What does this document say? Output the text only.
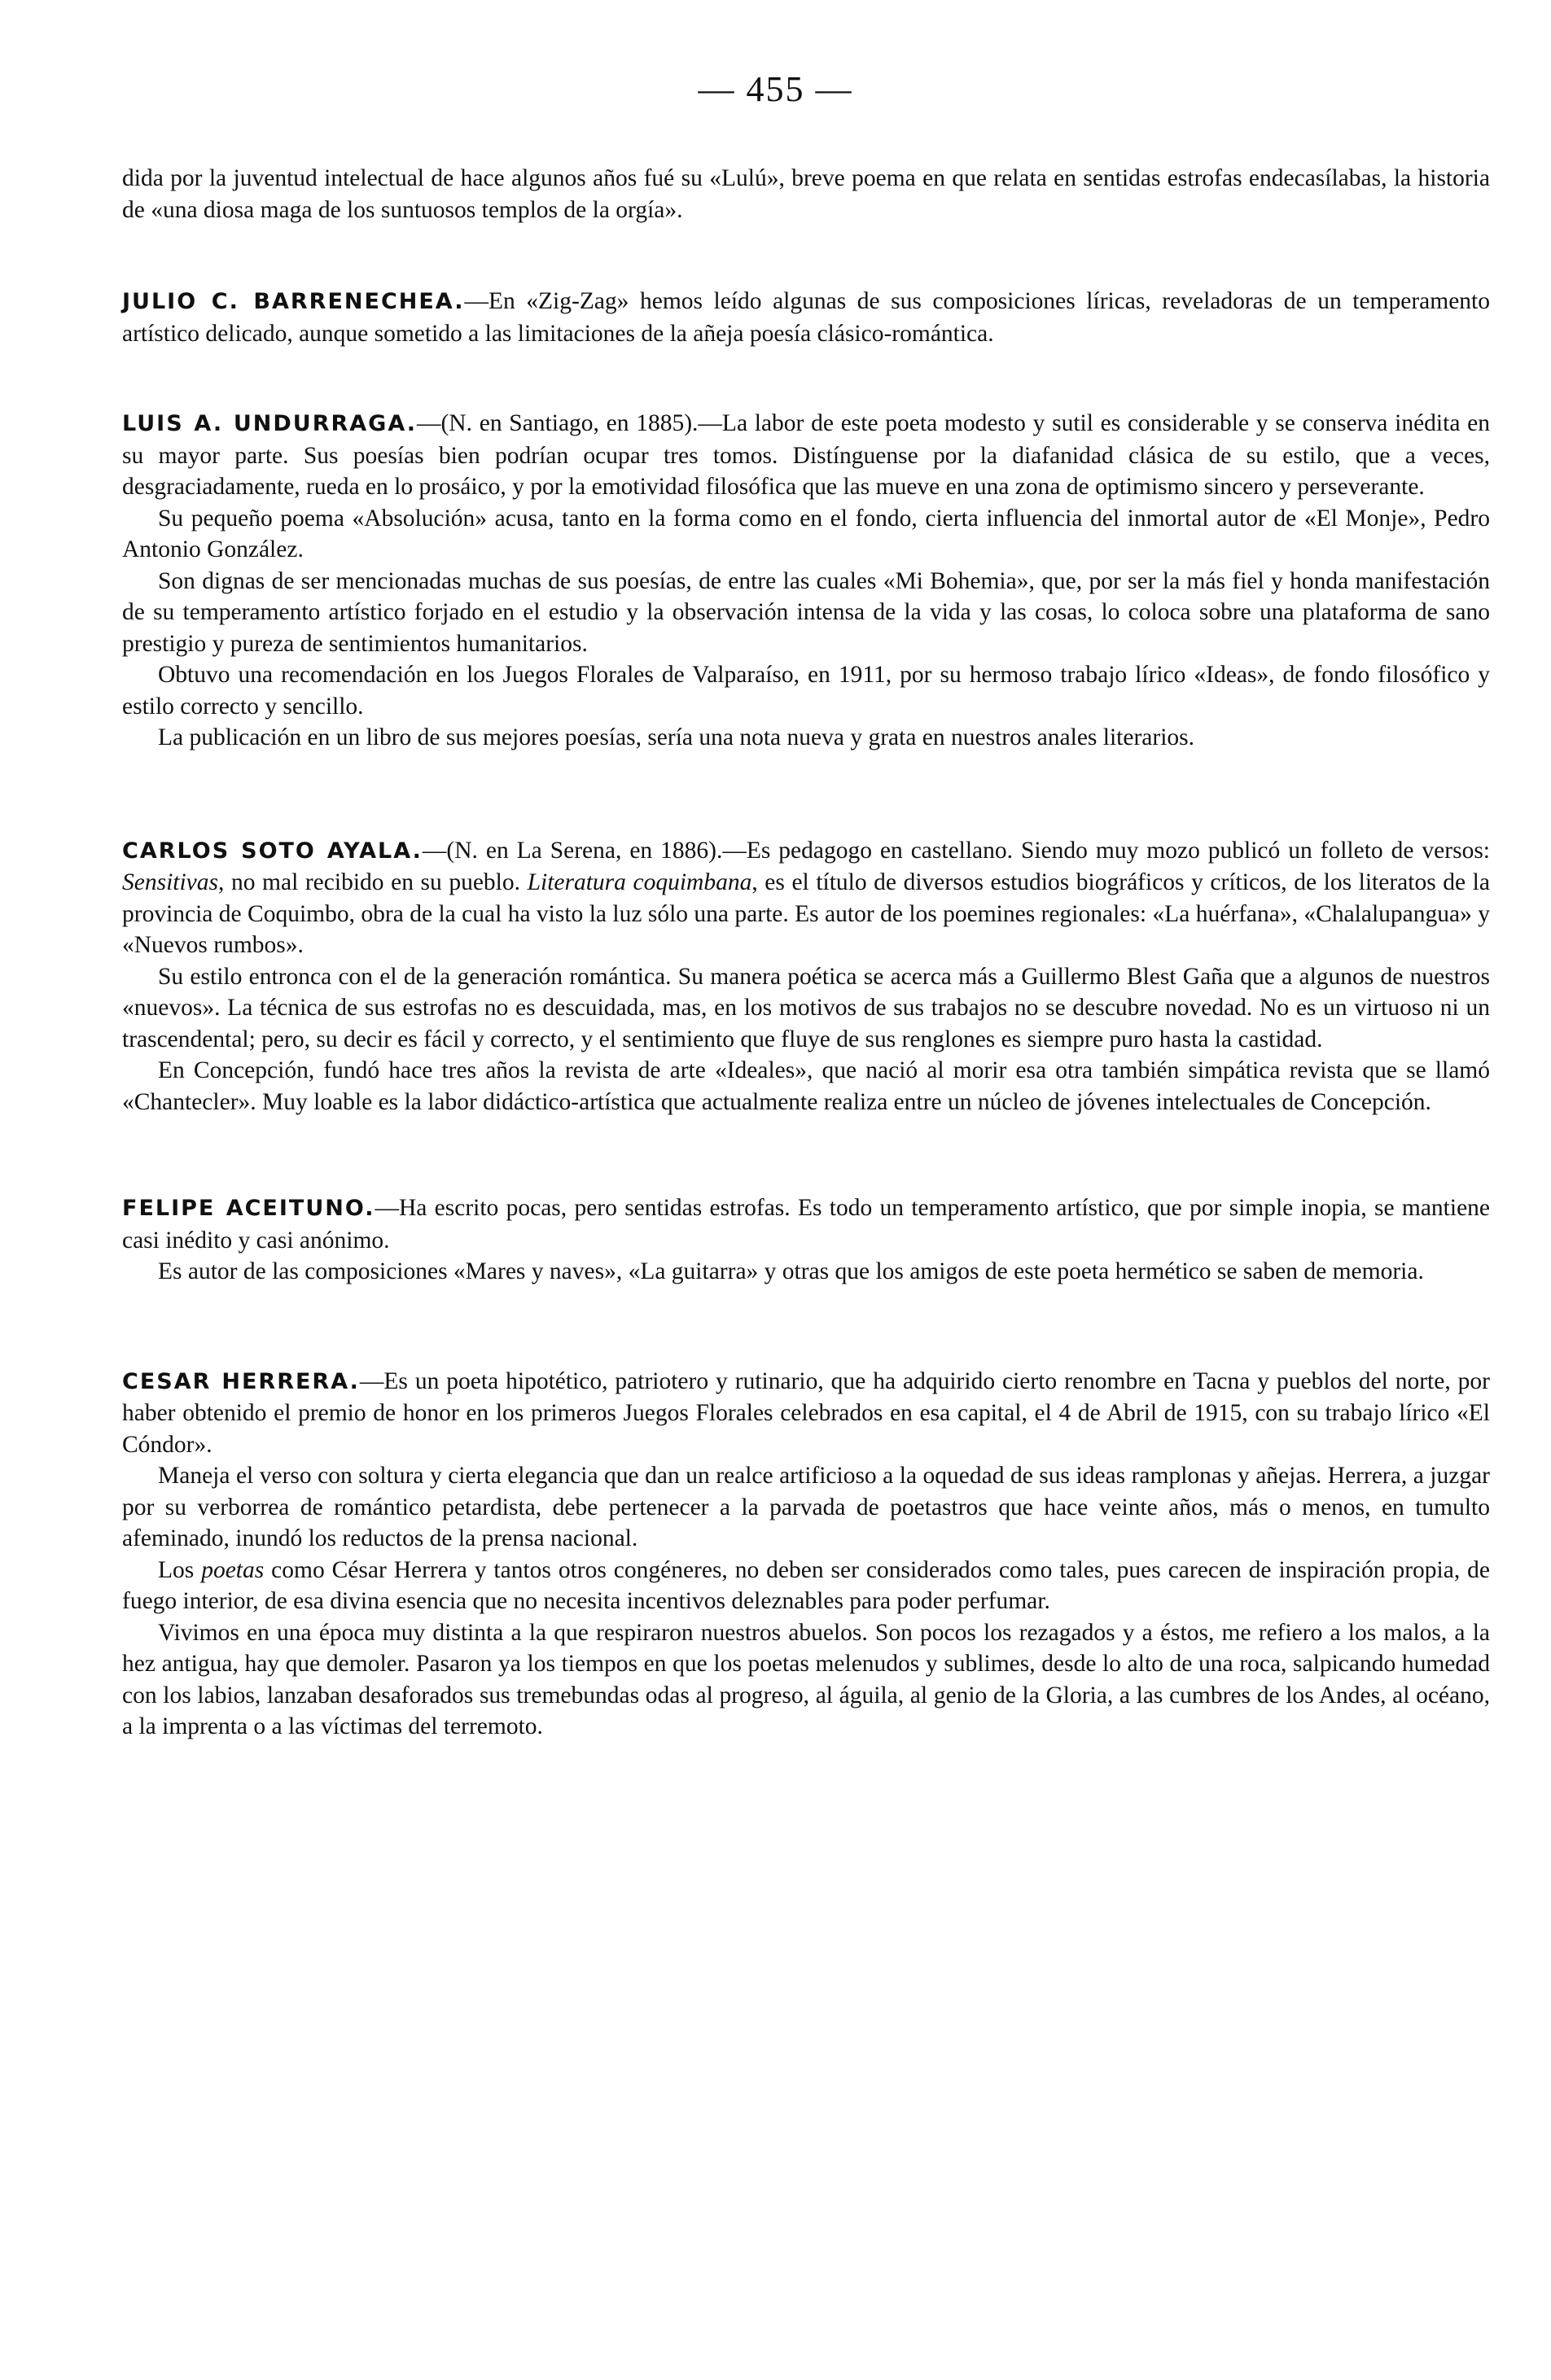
— 455 —

dida por la juventud intelectual de hace algunos años fué su «Lulú», breve poema en que relata en sentidas estrofas endecasílabas, la historia de «una diosa maga de los suntuosos templos de la orgía».

JULIO C. BARRENECHEA.—En «Zig-Zag» hemos leído algunas de sus composiciones líricas, reveladoras de un temperamento artístico delicado, aunque sometido a las limitaciones de la añeja poesía clásico-romántica.

LUIS A. UNDURRAGA.—(N. en Santiago, en 1885).—La labor de este poeta modesto y sutil es considerable y se conserva inédita en su mayor parte. Sus poesías bien podrían ocupar tres tomos. Distínguense por la diafanidad clásica de su estilo, que a veces, desgraciadamente, rueda en lo prosáico, y por la emotividad filosófica que las mueve en una zona de optimismo sincero y perseverante.

Su pequeño poema «Absolución» acusa, tanto en la forma como en el fondo, cierta influencia del inmortal autor de «El Monje», Pedro Antonio González.

Son dignas de ser mencionadas muchas de sus poesías, de entre las cuales «Mi Bohemia», que, por ser la más fiel y honda manifestación de su temperamento artístico forjado en el estudio y la observación intensa de la vida y las cosas, lo coloca sobre una plataforma de sano prestigio y pureza de sentimientos humanitarios.

Obtuvo una recomendación en los Juegos Florales de Valparaíso, en 1911, por su hermoso trabajo lírico «Ideas», de fondo filosófico y estilo correcto y sencillo.

La publicación en un libro de sus mejores poesías, sería una nota nueva y grata en nuestros anales literarios.

CARLOS SOTO AYALA.—(N. en La Serena, en 1886).—Es pedagogo en castellano. Siendo muy mozo publicó un folleto de versos: Sensitivas, no mal recibido en su pueblo. Literatura coquimbana, es el título de diversos estudios biográficos y críticos, de los literatos de la provincia de Coquimbo, obra de la cual ha visto la luz sólo una parte. Es autor de los poemines regionales: «La huérfana», «Chalalupangua» y «Nuevos rumbos».

Su estilo entronca con el de la generación romántica. Su manera poética se acerca más a Guillermo Blest Gaña que a algunos de nuestros «nuevos». La técnica de sus estrofas no es descuidada, mas, en los motivos de sus trabajos no se descubre novedad. No es un virtuoso ni un trascendental; pero, su decir es fácil y correcto, y el sentimiento que fluye de sus renglones es siempre puro hasta la castidad.

En Concepción, fundó hace tres años la revista de arte «Ideales», que nació al morir esa otra también simpática revista que se llamó «Chantecler». Muy loable es la labor didáctico-artística que actualmente realiza entre un núcleo de jóvenes intelectuales de Concepción.

FELIPE ACEITUNO.—Ha escrito pocas, pero sentidas estrofas. Es todo un temperamento artístico, que por simple inopia, se mantiene casi inédito y casi anónimo.

Es autor de las composiciones «Mares y naves», «La guitarra» y otras que los amigos de este poeta hermético se saben de memoria.

CESAR HERRERA.—Es un poeta hipotético, patriotero y rutinario, que ha adquirido cierto renombre en Tacna y pueblos del norte, por haber obtenido el premio de honor en los primeros Juegos Florales celebrados en esa capital, el 4 de Abril de 1915, con su trabajo lírico «El Cóndor».

Maneja el verso con soltura y cierta elegancia que dan un realce artificioso a la oquedad de sus ideas ramplonas y añejas. Herrera, a juzgar por su verborrea de romántico petardista, debe pertenecer a la parvada de poetastros que hace veinte años, más o menos, en tumulto afeminado, inundó los reductos de la prensa nacional.

Los poetas como César Herrera y tantos otros congéneres, no deben ser considerados como tales, pues carecen de inspiración propia, de fuego interior, de esa divina esencia que no necesita incentivos deleznables para poder perfumar.

Vivimos en una época muy distinta a la que respiraron nuestros abuelos. Son pocos los rezagados y a éstos, me refiero a los malos, a la hez antigua, hay que demoler. Pasaron ya los tiempos en que los poetas melenudos y sublimes, desde lo alto de una roca, salpicando humedad con los labios, lanzaban desaforados sus tremebundas odas al progreso, al águila, al genio de la Gloria, a las cumbres de los Andes, al océano, a la imprenta o a las víctimas del terremoto.
